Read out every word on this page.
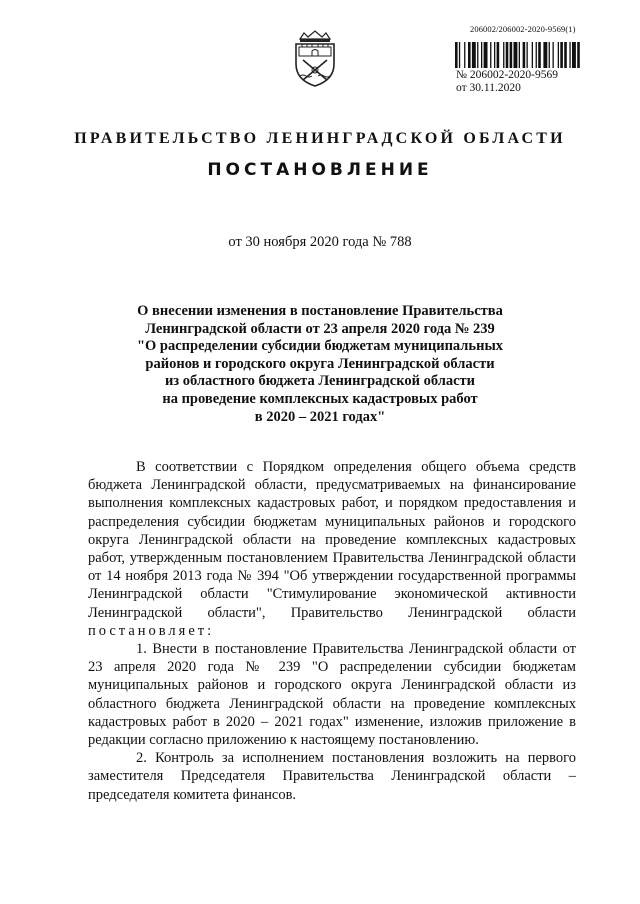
206002/206002-2020-9569(1)
№ 206002-2020-9569
от 30.11.2020
ПРАВИТЕЛЬСТВО ЛЕНИНГРАДСКОЙ ОБЛАСТИ
ПОСТАНОВЛЕНИЕ
от 30 ноября 2020 года № 788
О внесении изменения в постановление Правительства
Ленинградской области от 23 апреля 2020 года № 239
"О распределении субсидии бюджетам муниципальных
районов и городского округа Ленинградской области
из областного бюджета Ленинградской области
на проведение комплексных кадастровых работ
в 2020 – 2021 годах"

В соответствии с Порядком определения общего объема средств бюджета Ленинградской области, предусматриваемых на финансирование выполнения комплексных кадастровых работ, и порядком предоставления и распределения субсидии бюджетам муниципальных районов и городского округа Ленинградской области на проведение комплексных кадастровых работ, утвержденным постановлением Правительства Ленинградской области от 14 ноября 2013 года № 394 "Об утверждении государственной программы Ленинградской области "Стимулирование экономической активности Ленинградской области", Правительство Ленинградской области постановляет:

1. Внести в постановление Правительства Ленинградской области от 23 апреля 2020 года № 239 "О распределении субсидии бюджетам муниципальных районов и городского округа Ленинградской области из областного бюджета Ленинградской области на проведение комплексных кадастровых работ в 2020 – 2021 годах" изменение, изложив приложение в редакции согласно приложению к настоящему постановлению.

2. Контроль за исполнением постановления возложить на первого заместителя Председателя Правительства Ленинградской области – председателя комитета финансов.
